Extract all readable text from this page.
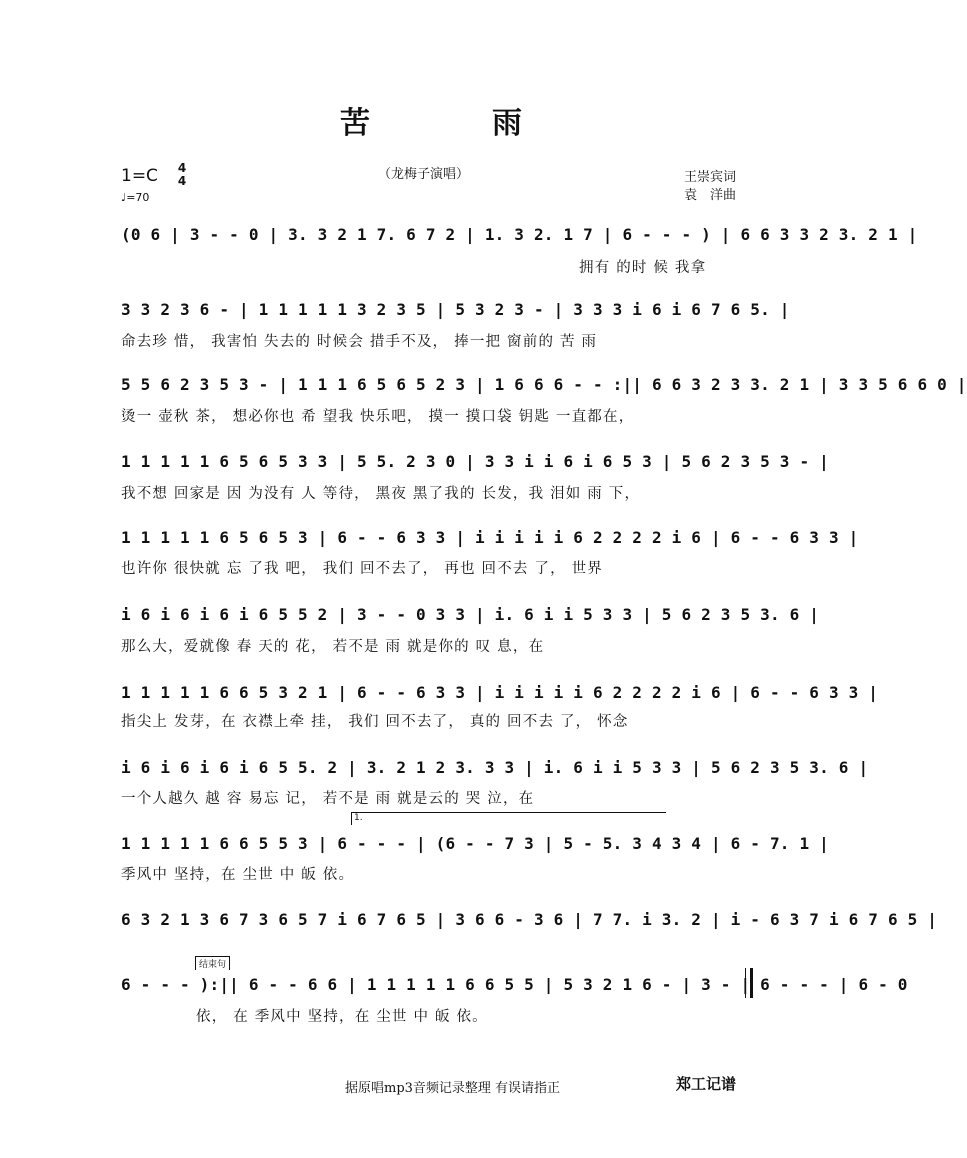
苦	雨
（龙梅子演唱）
1=C 4
4
♩=70
王崇宾词
袁　洋曲
(0 6 | 3 - - 0 | 3. 3 2 1 7. 6 7 2 | 1. 3 2. 1 7 | 6 - - - ) | 6 6 3 3 2 3. 2 1 |
拥有 的时 候 我拿
3 3 2 3 6 - | 1 1 1 1 1 3 2 3 5 | 5 3 2 3 - | 3 3 3 i 6 i 6 7 6 5. |
命去珍 惜， 我害怕 失去的 时候会 措手不及， 捧一把 窗前的 苦 雨
5 5 6 2 3 5 3 - | 1 1 1 6 5 6 5 2 3 | 1 6 6 6 - - :|| 6 6 3 2 3 3. 2 1 | 3 3 5 6 6 0 |
烫一 壶秋 茶， 想必你也 希 望我 快乐吧， 摸一 摸口袋 钥匙 一直都在，
1 1 1 1 1 6 5 6 5 3 3 | 5 5. 2 3 0 | 3 3 i i 6 i 6 5 3 | 5 6 2 3 5 3 - |
我不想 回家是 因 为没有 人 等待， 黑夜 黑了我的 长发，我 泪如 雨 下，
1 1 1 1 1 6 5 6 5 3 | 6 - - 6 3 3 | i i i i i 6 2 2 2 2 i 6 | 6 - - 6 3 3 |
也许你 很快就 忘 了我 吧， 我们 回不去了， 再也 回不去 了， 世界
i 6 i 6 i 6 i 6 5 5 2 | 3 - - 0 3 3 | i. 6 i i 5 3 3 | 5 6 2 3 5 3. 6 |
那么大，爱就像 春 天的 花， 若不是 雨 就是你的 叹 息，在
1 1 1 1 1 6 6 5 3 2 1 | 6 - - 6 3 3 | i i i i i 6 2 2 2 2 i 6 | 6 - - 6 3 3 |
指尖上 发芽，在 衣襟上牵 挂， 我们 回不去了， 真的 回不去 了， 怀念
i 6 i 6 i 6 i 6 5 5. 2 | 3. 2 1 2 3. 3 3 | i. 6 i i 5 3 3 | 5 6 2 3 5 3. 6 |
一个人越久 越 容 易忘 记， 若不是 雨 就是云的 哭 泣，在
1.
1 1 1 1 1 6 6 5 5 3 | 6 - - - | (6 - - 7 3 | 5 - 5. 3 4 3 4 | 6 - 7. 1 |
季风中 坚持，在 尘世 中 皈 依。
6 3 2 1 3 6 7 3 6 5 7 i 6 7 6 5 | 3 6 6 - 3 6 | 7 7. i 3. 2 | i - 6 3 7 i 6 7 6 5 |
结束句
6 - - - ):|| 6 - - 6 6 | 1 1 1 1 1 6 6 5 5 | 5 3 2 1 6 - | 3 - | 6 - - - | 6 - 0
依， 在 季风中 坚持，在 尘世 中 皈 依。
据原唱mp3音频记录整理 有误请指正	郑工记谱
